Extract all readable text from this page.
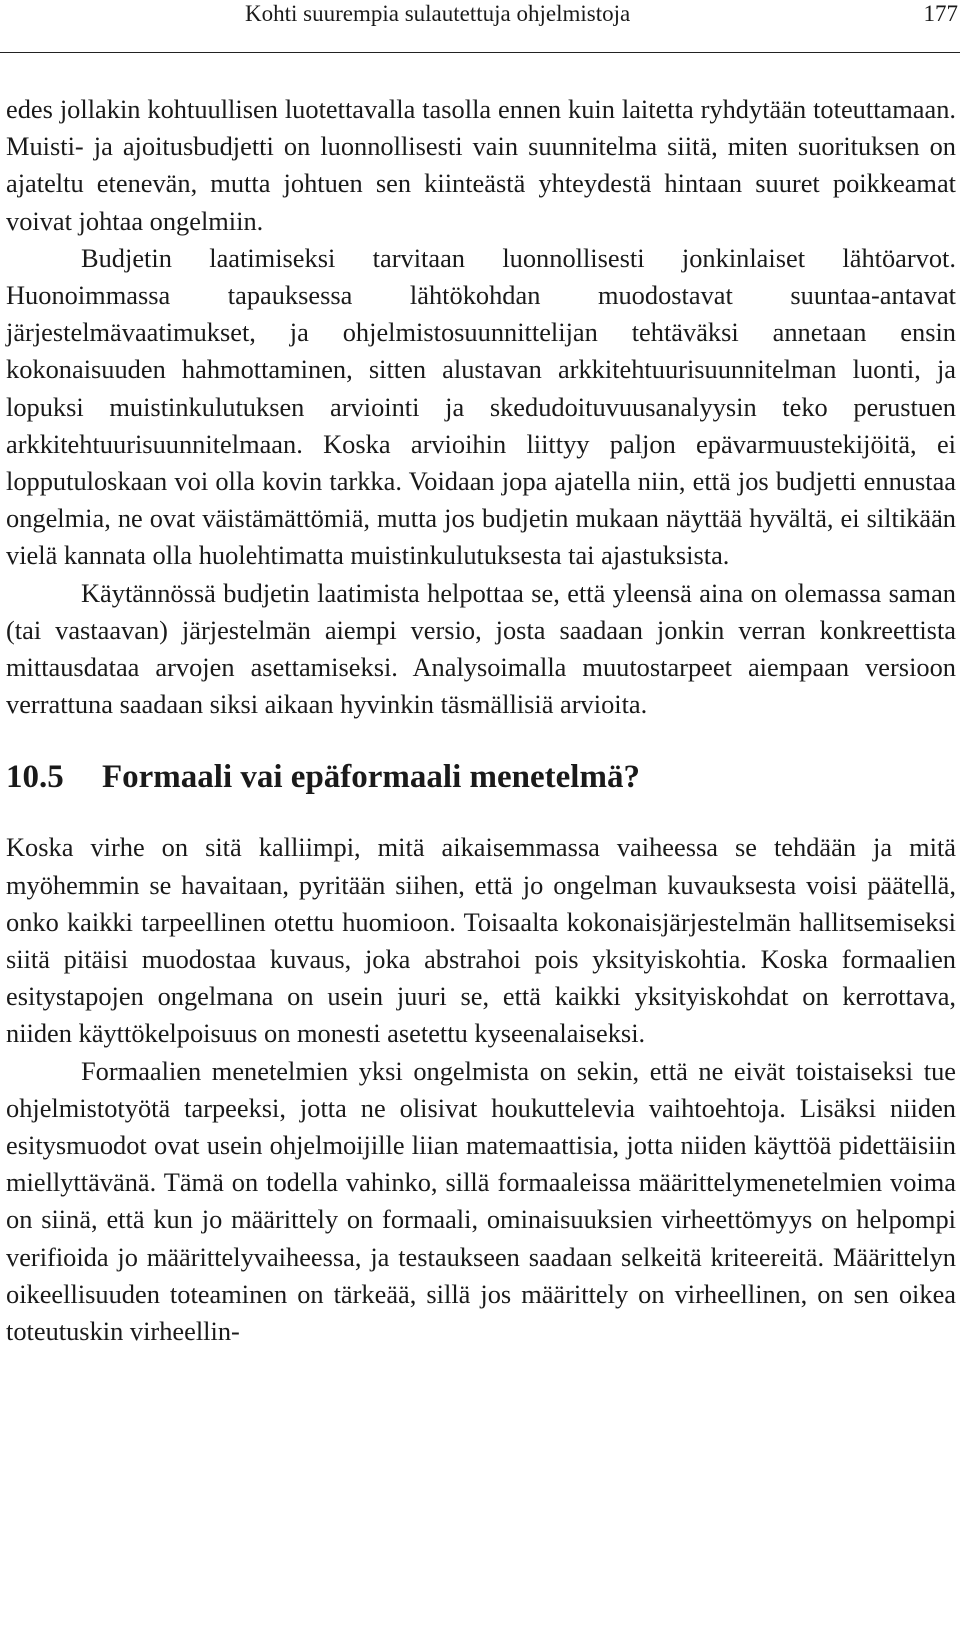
Kohti suurempia sulautettuja ohjelmistoja	177

edes jollakin kohtuullisen luotettavalla tasolla ennen kuin laitetta ryhdytään toteuttamaan. Muisti- ja ajoitusbudjetti on luonnollisesti vain suunnitelma siitä, miten suorituksen on ajateltu etenevän, mutta johtuen sen kiinteästä yhteydestä hintaan suuret poikkeamat voivat johtaa ongelmiin.

Budjetin laatimiseksi tarvitaan luonnollisesti jonkinlaiset lähtöarvot. Huonoimmassa tapauksessa lähtökohdan muodostavat suuntaa-antavat järjestelmävaatimukset, ja ohjelmistosuunnittelijan tehtäväksi annetaan ensin kokonaisuuden hahmottaminen, sitten alustavan arkkitehtuurisuunnitelman luonti, ja lopuksi muistinkulutuksen arviointi ja skedudoituvuusanalyysin teko perustuen arkkitehtuurisuunnitelmaan. Koska arvioihin liittyy paljon epävarmuustekijöitä, ei lopputuloskaan voi olla kovin tarkka. Voidaan jopa ajatella niin, että jos budjetti ennustaa ongelmia, ne ovat väistämättömiä, mutta jos budjetin mukaan näyttää hyvältä, ei siltikään vielä kannata olla huolehtimatta muistinkulutuksesta tai ajastuksista.

Käytännössä budjetin laatimista helpottaa se, että yleensä aina on olemassa saman (tai vastaavan) järjestelmän aiempi versio, josta saadaan jonkin verran konkreettista mittausdataa arvojen asettamiseksi. Analysoimalla muutostarpeet aiempaan versioon verrattuna saadaan siksi aikaan hyvinkin täsmällisiä arvioita.

10.5 Formaali vai epäformaali menetelmä?

Koska virhe on sitä kalliimpi, mitä aikaisemmassa vaiheessa se tehdään ja mitä myöhemmin se havaitaan, pyritään siihen, että jo ongelman kuvauksesta voisi päätellä, onko kaikki tarpeellinen otettu huomioon. Toisaalta kokonaisjärjestelmän hallitsemiseksi siitä pitäisi muodostaa kuvaus, joka abstrahoi pois yksityiskohtia. Koska formaalien esitystapojen ongelmana on usein juuri se, että kaikki yksityiskohdat on kerrottava, niiden käyttökelpoisuus on monesti asetettu kyseenalaiseksi.

Formaalien menetelmien yksi ongelmista on sekin, että ne eivät toistaiseksi tue ohjelmistotyötä tarpeeksi, jotta ne olisivat houkuttelevia vaihtoehtoja. Lisäksi niiden esitysmuodot ovat usein ohjelmoijille liian matemaattisia, jotta niiden käyttöä pidettäisiin miellyttävänä. Tämä on todella vahinko, sillä formaaleissa määrittelymenetelmien voima on siinä, että kun jo määrittely on formaali, ominaisuuksien virheettömyys on helpompi verifioida jo määrittelyvaiheessa, ja testaukseen saadaan selkeitä kriteereitä. Määrittelyn oikeellisuuden toteaminen on tärkeää, sillä jos määrittely on virheellinen, on sen oikea toteutuskin virheellin-
